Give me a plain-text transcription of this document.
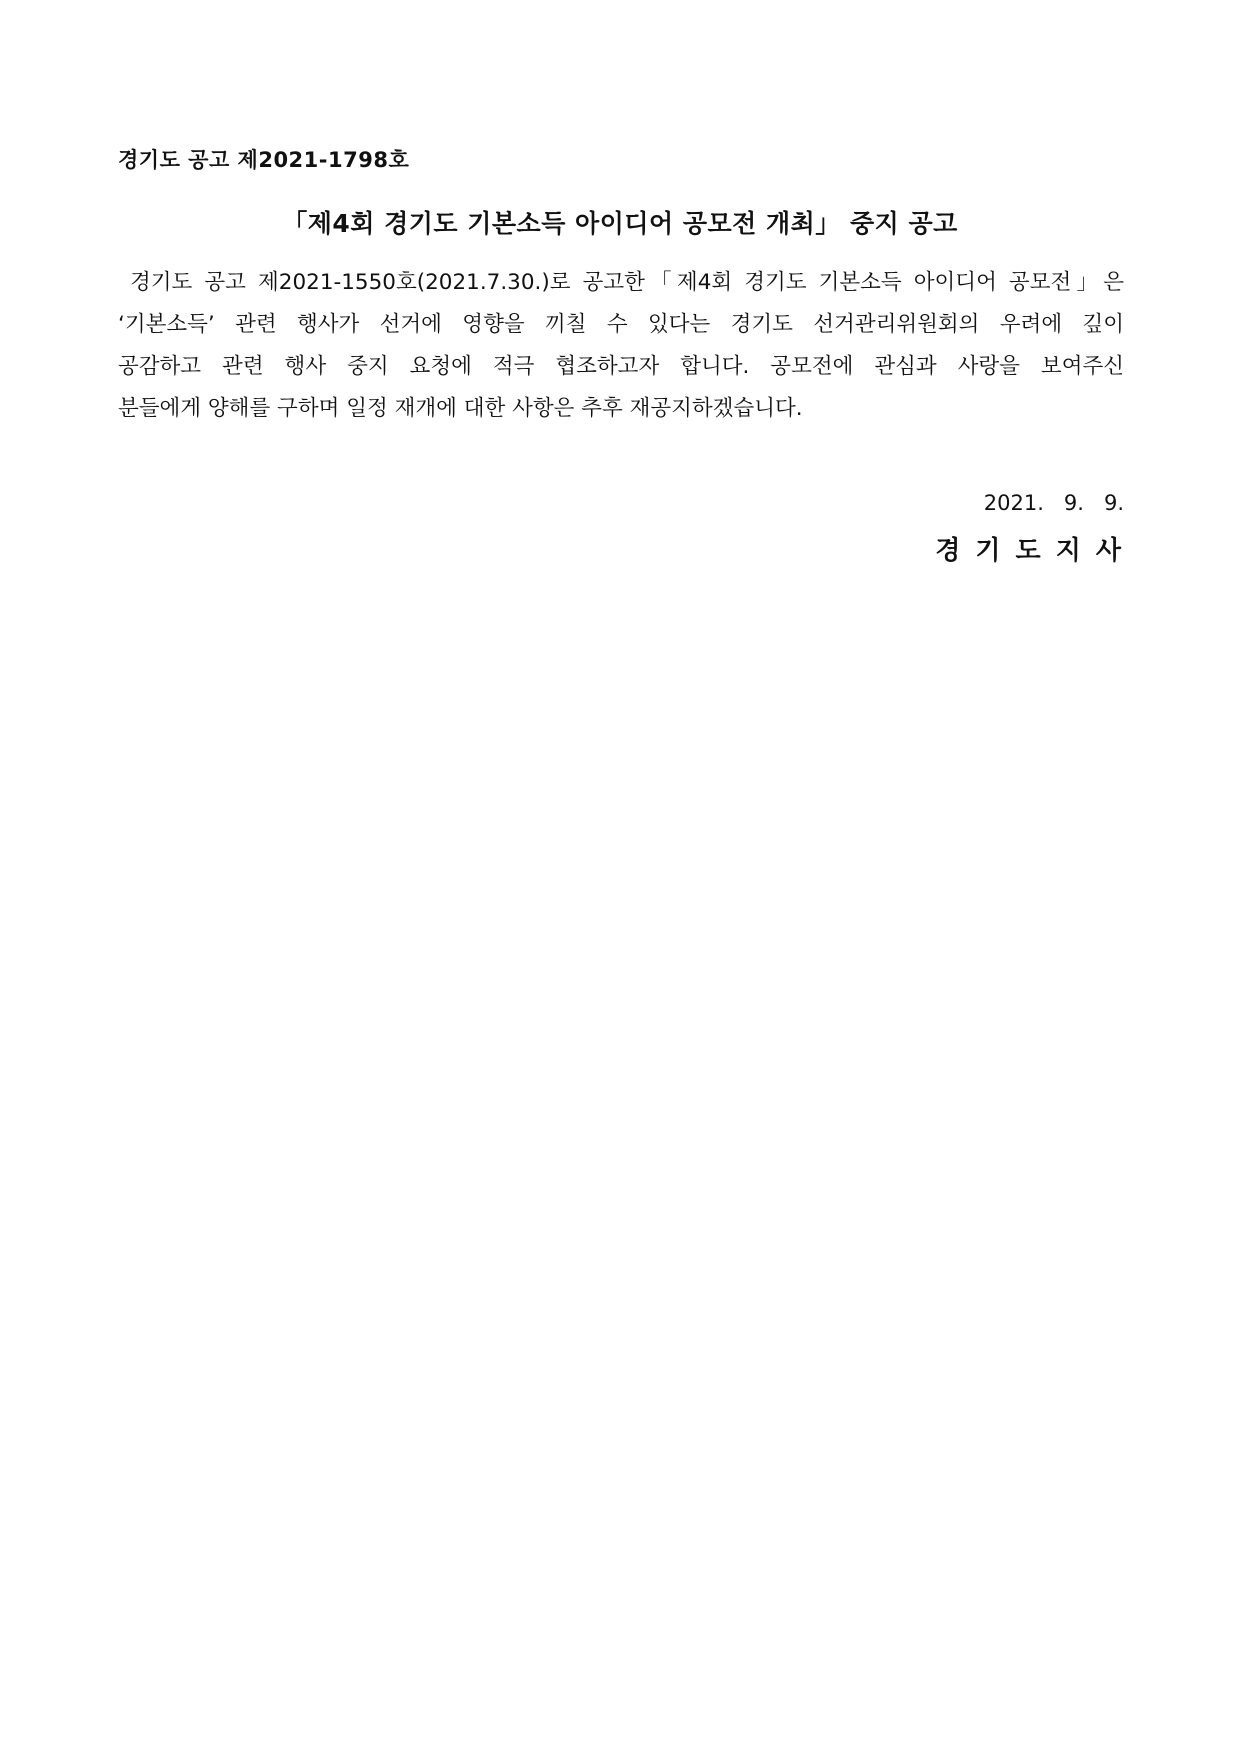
경기도 공고 제2021-1798호
「제4회 경기도 기본소득 아이디어 공모전 개최」 중지 공고
경기도 공고 제2021-1550호(2021.7.30.)로 공고한「제4회 경기도 기본소득 아이디어 공모전」은
‘기본소득’ 관련 행사가 선거에 영향을 끼칠 수 있다는 경기도 선거관리위원회의 우려에 깊이
공감하고 관련 행사 중지 요청에 적극 협조하고자 합니다. 공모전에 관심과 사랑을 보여주신
분들에게 양해를 구하며 일정 재개에 대한 사항은 추후 재공지하겠습니다.
2021.   9.   9.
경 기 도 지 사
